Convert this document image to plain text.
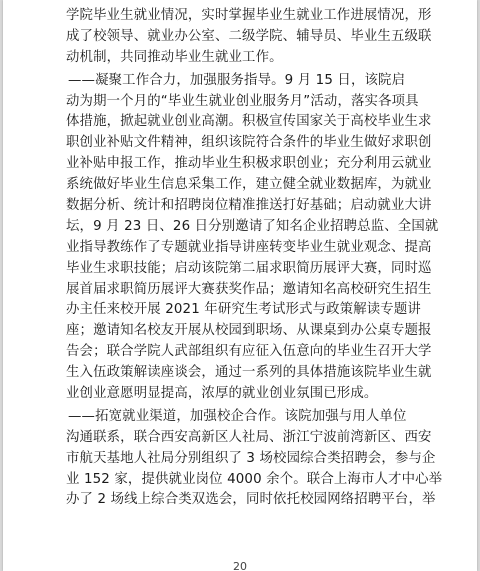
学院毕业生就业情况，实时掌握毕业生就业工作进展情况，形
成了校领导、就业办公室、二级学院、辅导员、毕业生五级联
动机制，共同推动毕业生就业工作。
——凝聚工作合力，加强服务指导。9 月 15 日，该院启
动为期一个月的“毕业生就业创业服务月”活动，落实各项具
体措施，掀起就业创业高潮。积极宣传国家关于高校毕业生求
职创业补贴文件精神，组织该院符合条件的毕业生做好求职创
业补贴申报工作，推动毕业生积极求职创业；充分利用云就业
系统做好毕业生信息采集工作，建立健全就业数据库，为就业
数据分析、统计和招聘岗位精准推送打好基础；启动就业大讲
坛，9 月 23 日、26 日分别邀请了知名企业招聘总监、全国就
业指导教练作了专题就业指导讲座转变毕业生就业观念、提高
毕业生求职技能；启动该院第二届求职简历展评大赛，同时巡
展首届求职简历展评大赛获奖作品；邀请知名高校研究生招生
办主任来校开展 2021 年研究生考试形式与政策解读专题讲
座；邀请知名校友开展从校园到职场、从课桌到办公桌专题报
告会；联合学院人武部组织有应征入伍意向的毕业生召开大学
生入伍政策解读座谈会，通过一系列的具体措施该院毕业生就
业创业意愿明显提高，浓厚的就业创业氛围已形成。
——拓宽就业渠道，加强校企合作。该院加强与用人单位
沟通联系，联合西安高新区人社局、浙江宁波前湾新区、西安
市航天基地人社局分别组织了 3 场校园综合类招聘会，参与企
业 152 家，提供就业岗位 4000 余个。联合上海市人才中心举
办了 2 场线上综合类双选会，同时依托校园网络招聘平台，举
20
